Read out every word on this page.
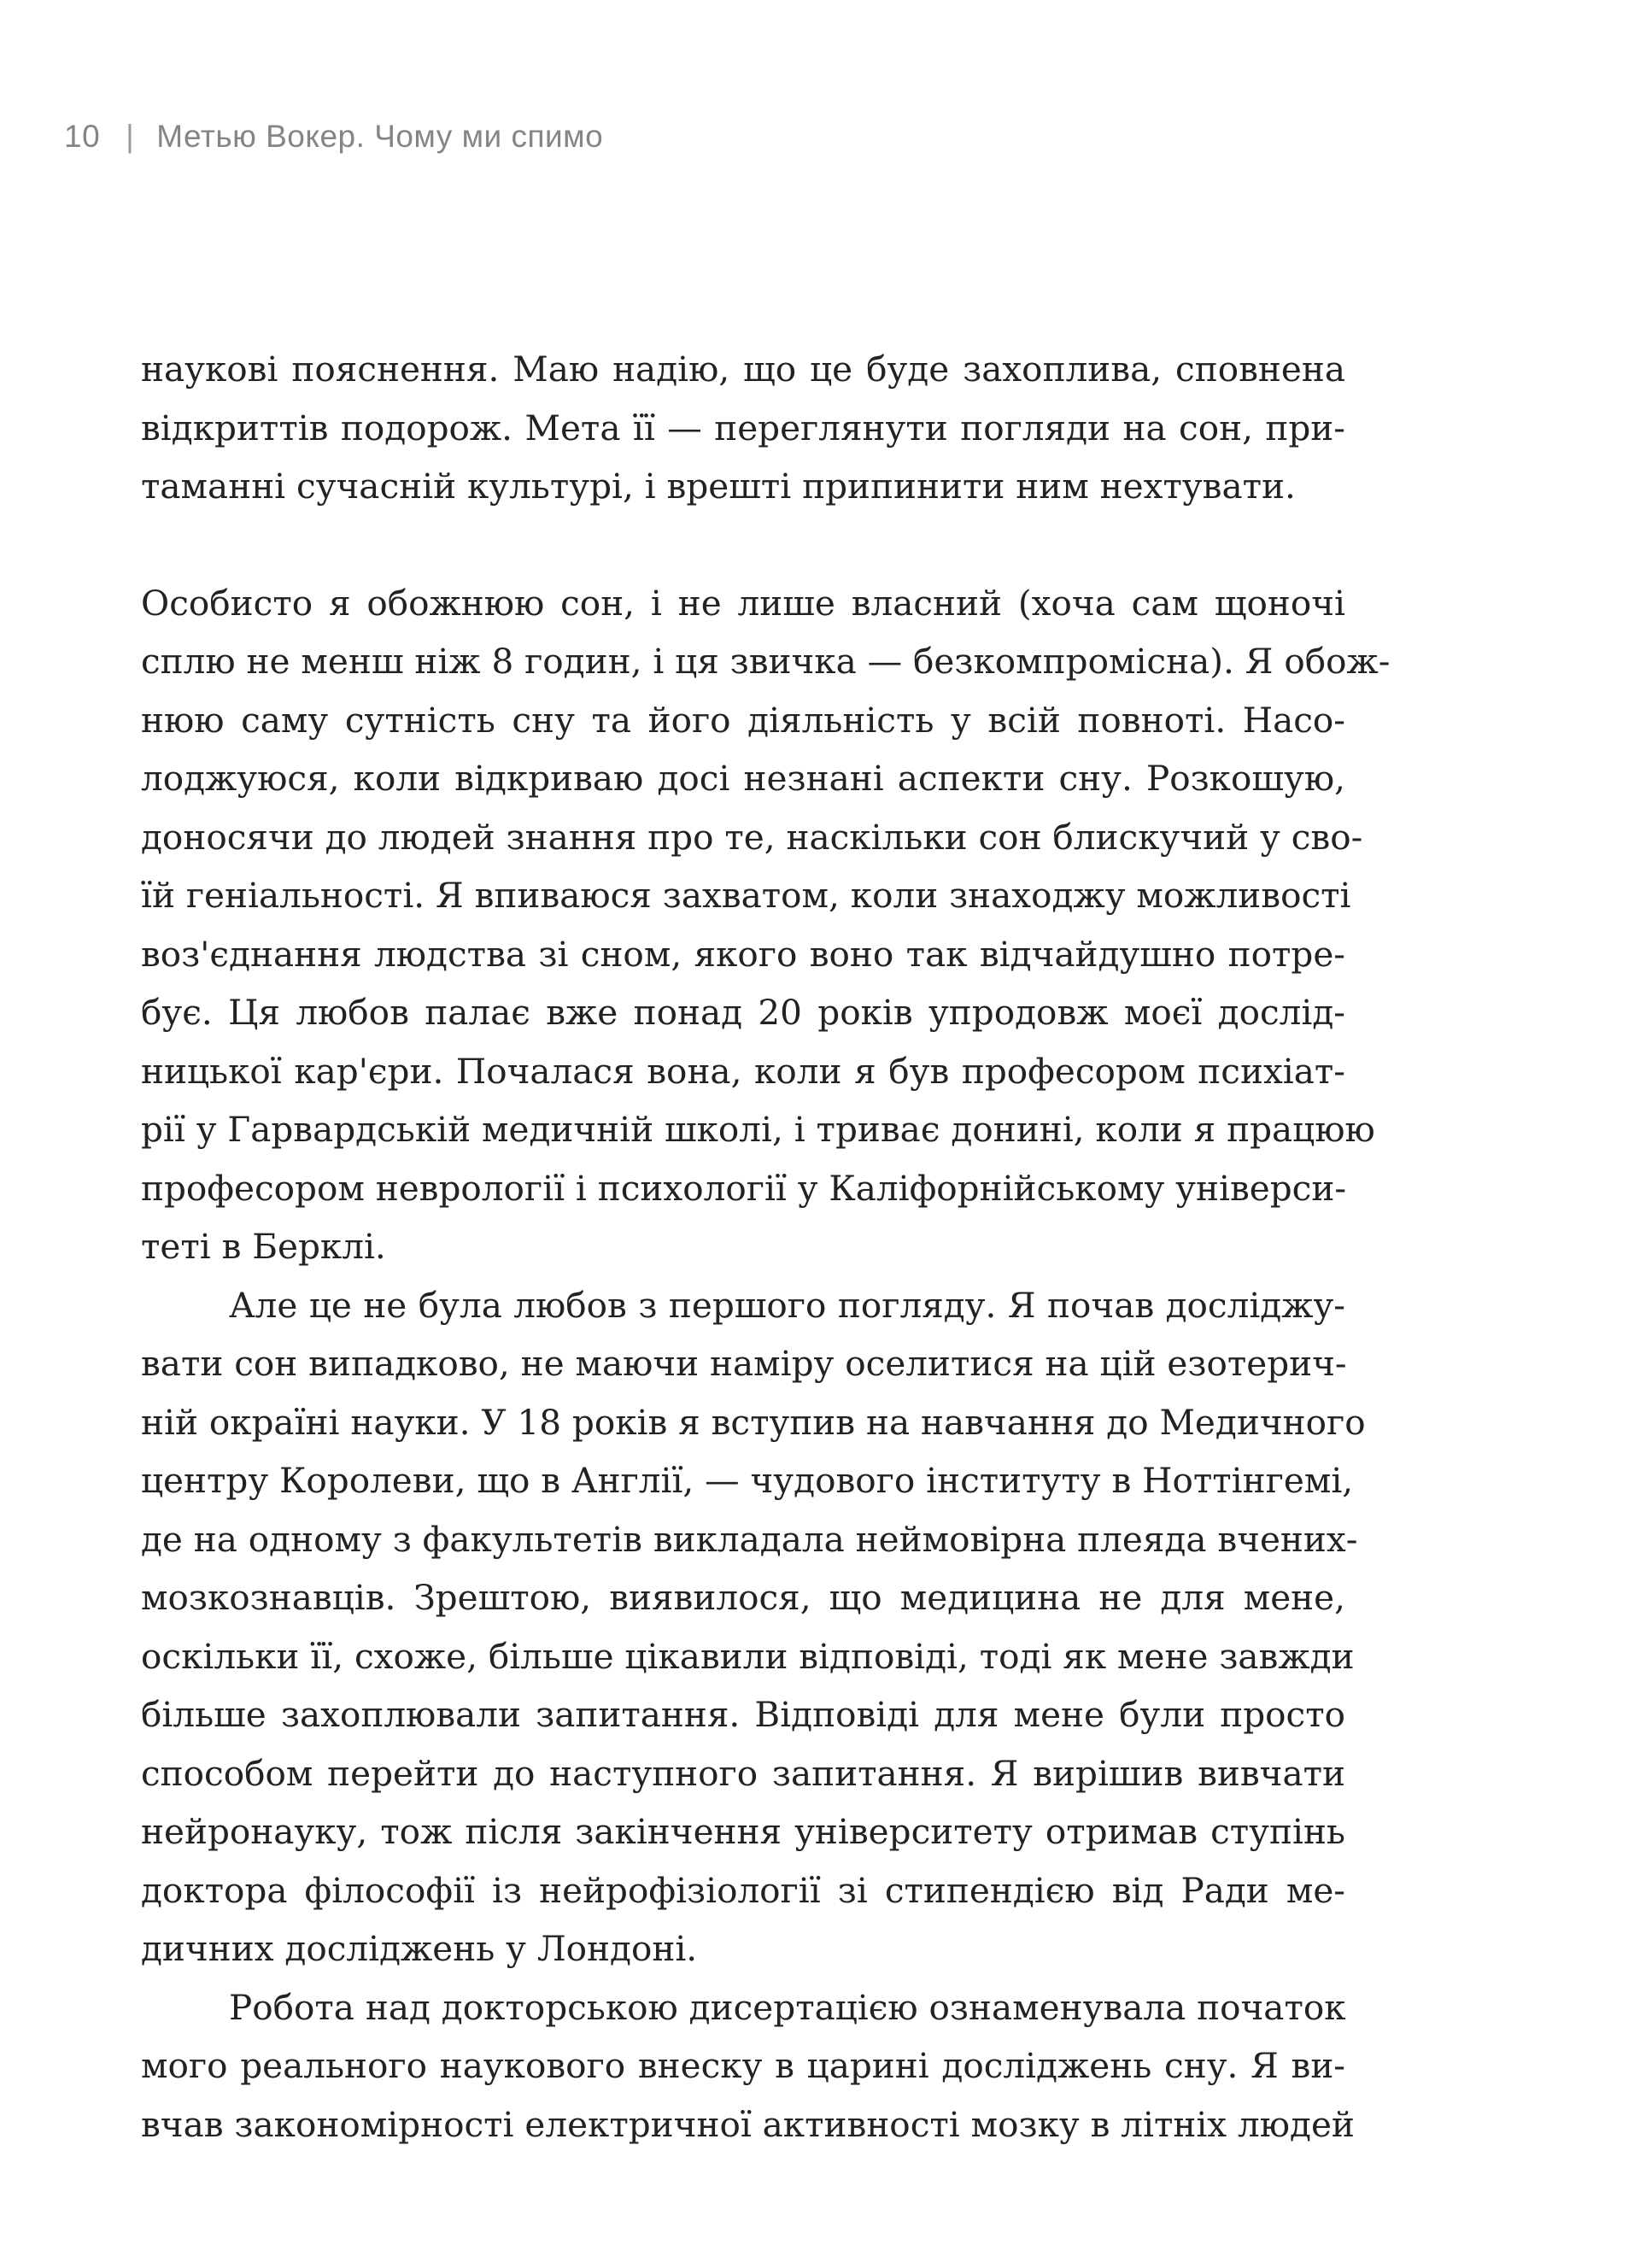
10 | Метью Вокер. Чому ми спимо
наукові пояснення. Маю надію, що це буде захоплива, сповнена
відкриттів подорож. Мета її — переглянути погляди на сон, при-
таманні сучасній культурі, і врешті припинити ним нехтувати.
Особисто я обожнюю сон, і не лише власний (хоча сам щоночі
сплю не менш ніж 8 годин, і ця звичка — безкомпромісна). Я обож-
нюю саму сутність сну та його діяльність у всій повноті. Насо-
лоджуюся, коли відкриваю досі незнані аспекти сну. Розкошую,
доносячи до людей знання про те, наскільки сон блискучий у сво-
їй геніальності. Я впиваюся захватом, коли знаходжу можливості
воз'єднання людства зі сном, якого воно так відчайдушно потре-
бує. Ця любов палає вже понад 20 років упродовж моєї дослід-
ницької кар'єри. Почалася вона, коли я був професором психіат-
рії у Гарвардській медичній школі, і триває донині, коли я працюю
професором неврології і психології у Каліфорнійському універси-
теті в Берклі.
Але це не була любов з першого погляду. Я почав досліджу-
вати сон випадково, не маючи наміру оселитися на цій езотерич-
ній окраїні науки. У 18 років я вступив на навчання до Медичного
центру Королеви, що в Англії, — чудового інституту в Ноттінгемі,
де на одному з факультетів викладала неймовірна плеяда вчених-
мозкознавців. Зрештою, виявилося, що медицина не для мене,
оскільки її, схоже, більше цікавили відповіді, тоді як мене завжди
більше захоплювали запитання. Відповіді для мене були просто
способом перейти до наступного запитання. Я вирішив вивчати
нейронауку, тож після закінчення університету отримав ступінь
доктора філософії із нейрофізіології зі стипендією від Ради ме-
дичних досліджень у Лондоні.
Робота над докторською дисертацією ознаменувала початок
мого реального наукового внеску в царині досліджень сну. Я ви-
вчав закономірності електричної активності мозку в літніх людей
